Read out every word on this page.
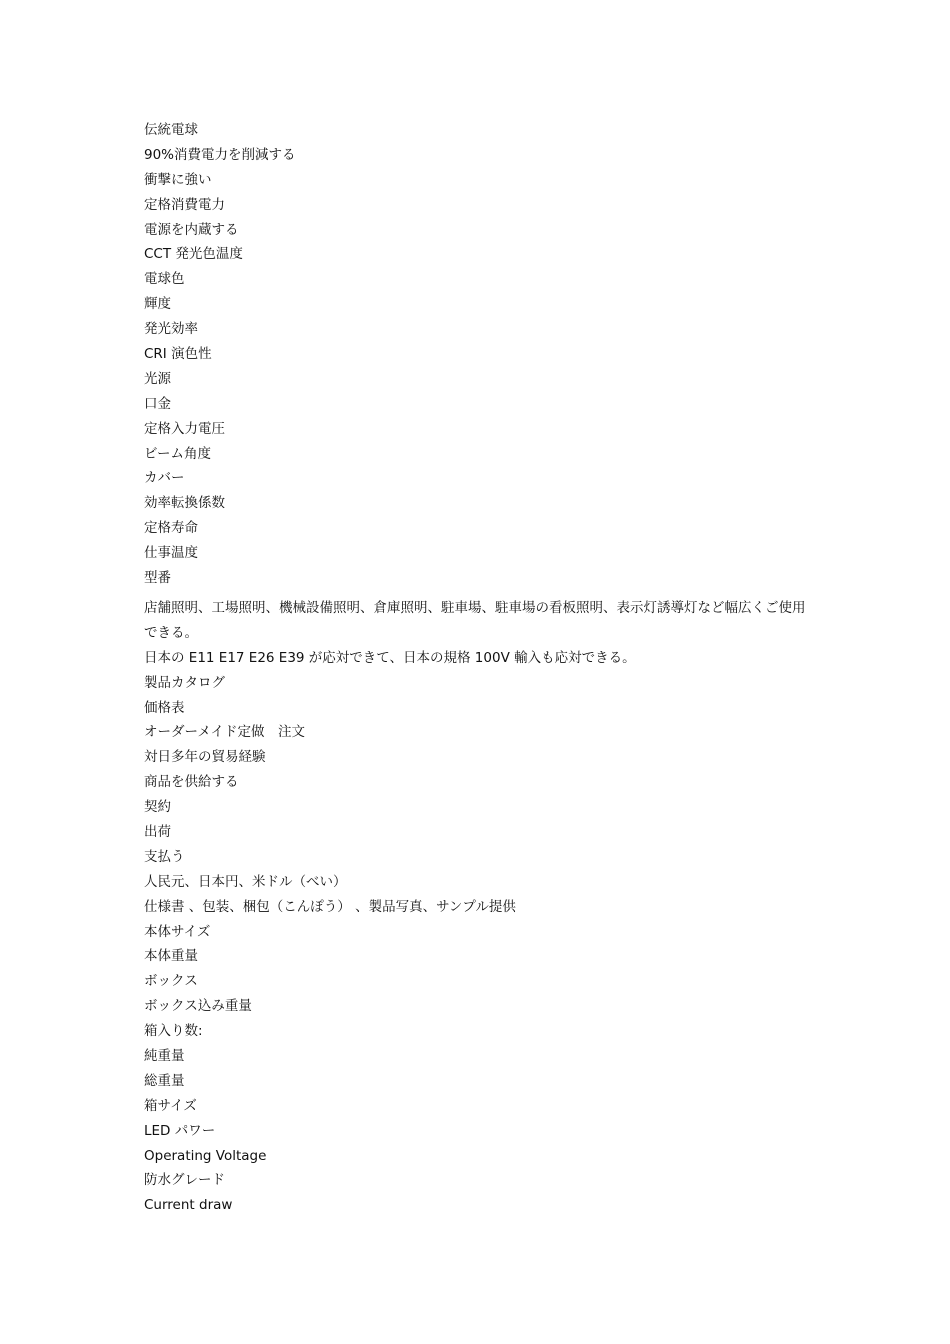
伝統電球
90%消費電力を削減する
衝撃に強い
定格消費電力
電源を内蔵する
CCT 発光色温度
電球色
輝度
発光効率
CRI 演色性
光源
口金
定格入力電圧
ビーム角度
カバー
効率転換係数
定格寿命
仕事温度
型番
店舗照明、工場照明、機械設備照明、倉庫照明、駐車場、駐車場の看板照明、表示灯誘導灯など幅広くご使用できる。
日本の E11 E17 E26 E39 が応対できて、日本の規格 100V 輸入も応対できる。
製品カタログ
価格表
オーダーメイド定做　注文
対日多年の貿易経験
商品を供給する
契約
出荷
支払う
人民元、日本円、米ドル（べい）
仕様書 、包装、梱包（こんぽう） 、製品写真、サンプル提供
本体サイズ
本体重量
ボックス
ボックス込み重量
箱入り数:
純重量
総重量
箱サイズ
LED パワー
Operating Voltage
防水グレード
Current draw
